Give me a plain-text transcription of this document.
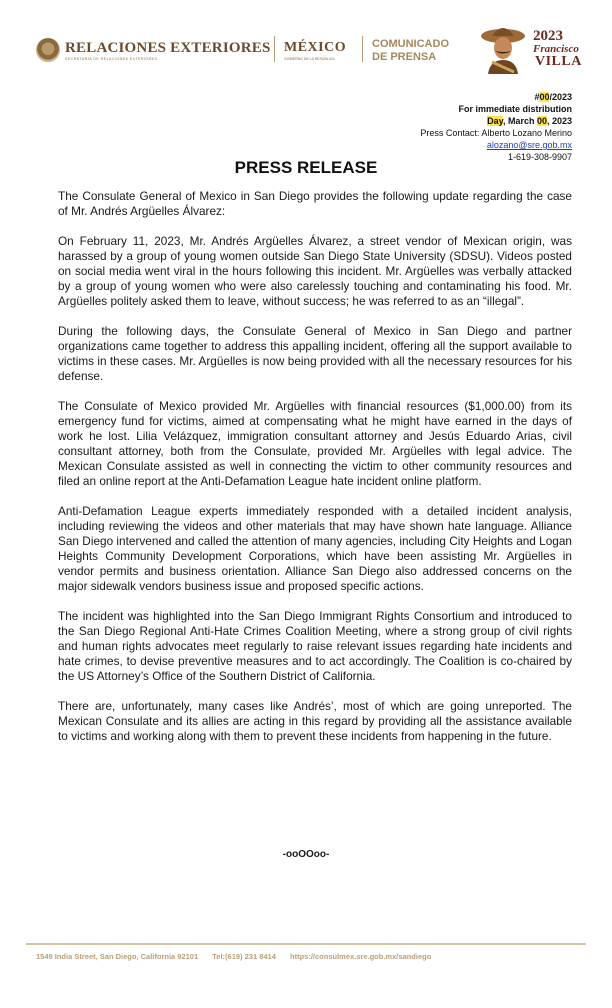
RELACIONES EXTERIORES
SECRETARÍA DE RELACIONES EXTERIORES
MÉXICO
GOBIERNO DE LA REPÚBLICA
COMUNICADO
DE PRENSA
2023
Francisco
VILLA
#00/2023
For immediate distribution
Day, March 00, 2023
Press Contact: Alberto Lozano Merino
alozano@sre.gob.mx
1-619-308-9907
PRESS RELEASE

The Consulate General of Mexico in San Diego provides the following update regarding the case of Mr. Andrés Argüelles Álvarez:

On February 11, 2023, Mr. Andrés Argüelles Álvarez, a street vendor of Mexican origin, was harassed by a group of young women outside San Diego State University (SDSU). Videos posted on social media went viral in the hours following this incident. Mr. Argüelles was verbally attacked by a group of young women who were also carelessly touching and contaminating his food. Mr. Argüelles politely asked them to leave, without success; he was referred to as an “illegal”.

During the following days, the Consulate General of Mexico in San Diego and partner organizations came together to address this appalling incident, offering all the support available to victims in these cases. Mr. Argüelles is now being provided with all the necessary resources for his defense.

The Consulate of Mexico provided Mr. Argüelles with financial resources ($1,000.00) from its emergency fund for victims, aimed at compensating what he might have earned in the days of work he lost. Lilia Velázquez, immigration consultant attorney and Jesús Eduardo Arias, civil consultant attorney, both from the Consulate, provided Mr. Argüelles with legal advice. The Mexican Consulate assisted as well in connecting the victim to other community resources and filed an online report at the Anti-Defamation League hate incident online platform.

Anti-Defamation League experts immediately responded with a detailed incident analysis, including reviewing the videos and other materials that may have shown hate language. Alliance San Diego intervened and called the attention of many agencies, including City Heights and Logan Heights Community Development Corporations, which have been assisting Mr. Argüelles in vendor permits and business orientation. Alliance San Diego also addressed concerns on the major sidewalk vendors business issue and proposed specific actions.

The incident was highlighted into the San Diego Immigrant Rights Consortium and introduced to the San Diego Regional Anti-Hate Crimes Coalition Meeting, where a strong group of civil rights and human rights advocates meet regularly to raise relevant issues regarding hate incidents and hate crimes, to devise preventive measures and to act accordingly. The Coalition is co-chaired by the US Attorney’s Office of the Southern District of California.

There are, unfortunately, many cases like Andrés’, most of which are going unreported. The Mexican Consulate and its allies are acting in this regard by providing all the assistance available to victims and working along with them to prevent these incidents from happening in the future.

-ooOOoo-
1549 India Street, San Diego, California 92101 Tel:(619) 231 8414 https://consulmex.sre.gob.mx/sandiego
